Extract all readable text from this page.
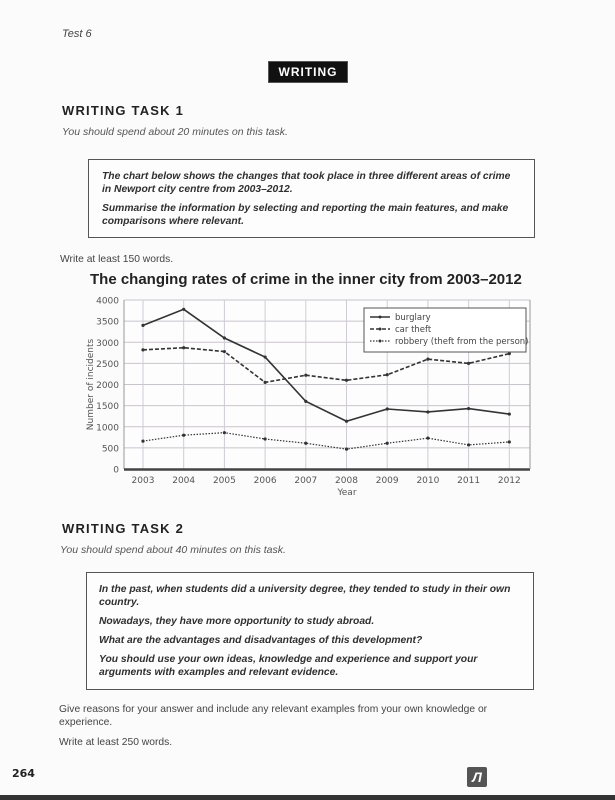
Test 6
WRITING
WRITING TASK 1
You should spend about 20 minutes on this task.

The chart below shows the changes that took place in three different areas of crime in Newport city centre from 2003–2012.

Summarise the information by selecting and reporting the main features, and make comparisons where relevant.

Write at least 150 words.
The changing rates of crime in the inner city from 2003–2012
0
500
1000
1500
2000
2500
3000
3500
4000
2003 2004 2005 2006 2007 2008 2009 2010 2011 2012
Year
Number of incidents
burglary
car theft
robbery (theft from the person)
WRITING TASK 2
You should spend about 40 minutes on this task.

In the past, when students did a university degree, they tended to study in their own country.

Nowadays, they have more opportunity to study abroad.

What are the advantages and disadvantages of this development?

You should use your own ideas, knowledge and experience and support your arguments with examples and relevant evidence.

Give reasons for your answer and include any relevant examples from your own knowledge or experience.
Write at least 250 words.
264	Л
